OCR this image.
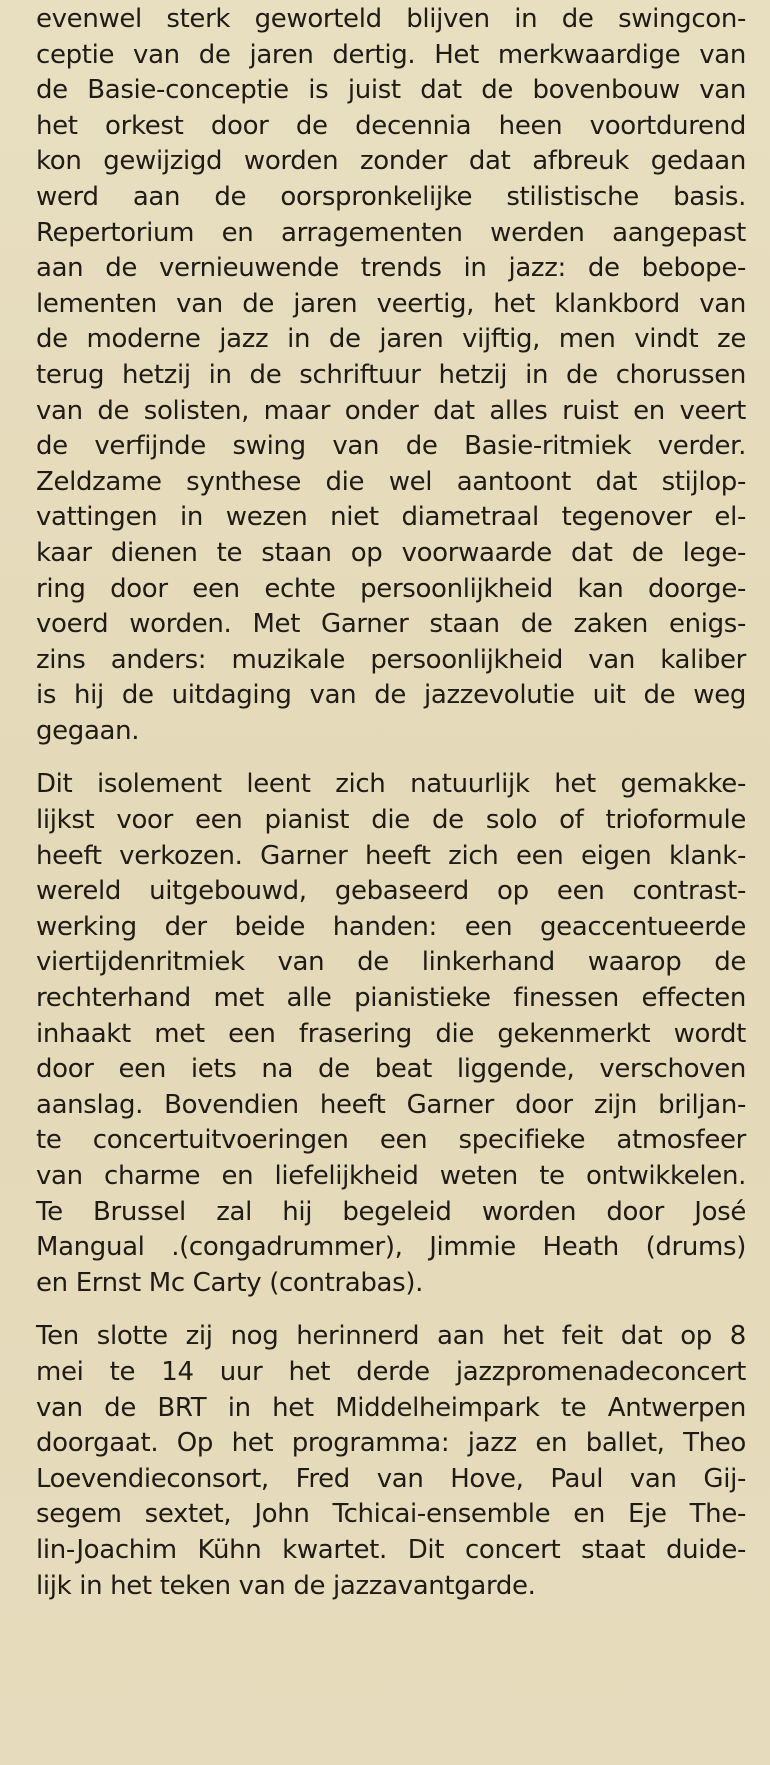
evenwel sterk geworteld blijven in de swingcon-
ceptie van de jaren dertig. Het merkwaardige van
de Basie-conceptie is juist dat de bovenbouw van
het orkest door de decennia heen voortdurend
kon gewijzigd worden zonder dat afbreuk gedaan
werd aan de oorspronkelijke stilistische basis.
Repertorium en arragementen werden aangepast
aan de vernieuwende trends in jazz: de bebope-
lementen van de jaren veertig, het klankbord van
de moderne jazz in de jaren vijftig, men vindt ze
terug hetzij in de schriftuur hetzij in de chorussen
van de solisten, maar onder dat alles ruist en veert
de verfijnde swing van de Basie-ritmiek verder.
Zeldzame synthese die wel aantoont dat stijlop-
vattingen in wezen niet diametraal tegenover el-
kaar dienen te staan op voorwaarde dat de lege-
ring door een echte persoonlijkheid kan doorge-
voerd worden. Met Garner staan de zaken enigs-
zins anders: muzikale persoonlijkheid van kaliber
is hij de uitdaging van de jazzevolutie uit de weg
gegaan.

Dit isolement leent zich natuurlijk het gemakke-
lijkst voor een pianist die de solo of trioformule
heeft verkozen. Garner heeft zich een eigen klank-
wereld uitgebouwd, gebaseerd op een contrast-
werking der beide handen: een geaccentueerde
viertijdenritmiek van de linkerhand waarop de
rechterhand met alle pianistieke finessen effecten
inhaakt met een frasering die gekenmerkt wordt
door een iets na de beat liggende, verschoven
aanslag. Bovendien heeft Garner door zijn briljan-
te concertuitvoeringen een specifieke atmosfeer
van charme en liefelijkheid weten te ontwikkelen.
Te Brussel zal hij begeleid worden door José
Mangual .(congadrummer), Jimmie Heath (drums)
en Ernst Mc Carty (contrabas).

Ten slotte zij nog herinnerd aan het feit dat op 8
mei te 14 uur het derde jazzpromenadeconcert
van de BRT in het Middelheimpark te Antwerpen
doorgaat. Op het programma: jazz en ballet, Theo
Loevendieconsort, Fred van Hove, Paul van Gij-
segem sextet, John Tchicai-ensemble en Eje The-
lin-Joachim Kühn kwartet. Dit concert staat duide-
lijk in het teken van de jazzavantgarde.
